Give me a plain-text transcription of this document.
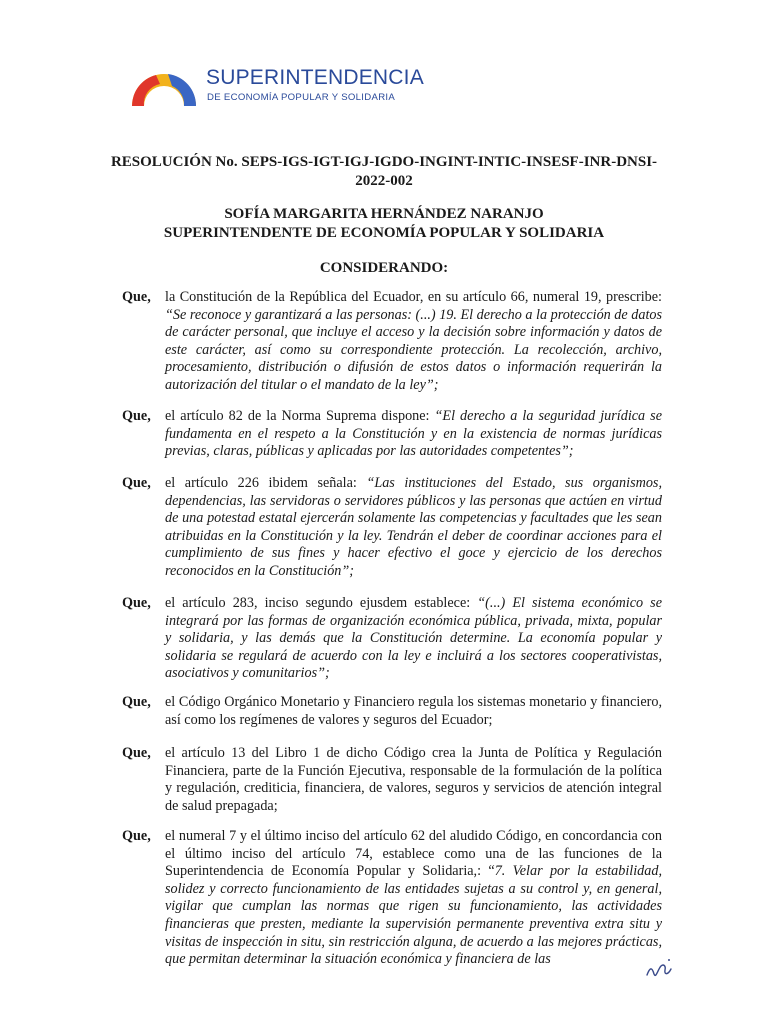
SUPERINTENDENCIA
DE ECONOMÍA POPULAR Y SOLIDARIA
RESOLUCIÓN No. SEPS-IGS-IGT-IGJ-IGDO-INGINT-INTIC-INSESF-INR-DNSI-
2022-002
SOFÍA MARGARITA HERNÁNDEZ NARANJO
SUPERINTENDENTE DE ECONOMÍA POPULAR Y SOLIDARIA
CONSIDERANDO:
Que, la Constitución de la República del Ecuador, en su artículo 66, numeral 19, prescribe: “Se reconoce y garantizará a las personas: (...) 19. El derecho a la protección de datos de carácter personal, que incluye el acceso y la decisión sobre información y datos de este carácter, así como su correspondiente protección. La recolección, archivo, procesamiento, distribución o difusión de estos datos o información requerirán la autorización del titular o el mandato de la ley”;
Que, el artículo 82 de la Norma Suprema dispone: “El derecho a la seguridad jurídica se fundamenta en el respeto a la Constitución y en la existencia de normas jurídicas previas, claras, públicas y aplicadas por las autoridades competentes”;
Que, el artículo 226 ibidem señala: “Las instituciones del Estado, sus organismos, dependencias, las servidoras o servidores públicos y las personas que actúen en virtud de una potestad estatal ejercerán solamente las competencias y facultades que les sean atribuidas en la Constitución y la ley. Tendrán el deber de coordinar acciones para el cumplimiento de sus fines y hacer efectivo el goce y ejercicio de los derechos reconocidos en la Constitución”;
Que, el artículo 283, inciso segundo ejusdem establece: “(...) El sistema económico se integrará por las formas de organización económica pública, privada, mixta, popular y solidaria, y las demás que la Constitución determine. La economía popular y solidaria se regulará de acuerdo con la ley e incluirá a los sectores cooperativistas, asociativos y comunitarios”;
Que, el Código Orgánico Monetario y Financiero regula los sistemas monetario y financiero, así como los regímenes de valores y seguros del Ecuador;
Que, el artículo 13 del Libro 1 de dicho Código crea la Junta de Política y Regulación Financiera, parte de la Función Ejecutiva, responsable de la formulación de la política y regulación, crediticia, financiera, de valores, seguros y servicios de atención integral de salud prepagada;
Que, el numeral 7 y el último inciso del artículo 62 del aludido Código, en concordancia con el último inciso del artículo 74, establece como una de las funciones de la Superintendencia de Economía Popular y Solidaria,: “7. Velar por la estabilidad, solidez y correcto funcionamiento de las entidades sujetas a su control y, en general, vigilar que cumplan las normas que rigen su funcionamiento, las actividades financieras que presten, mediante la supervisión permanente preventiva extra situ y visitas de inspección in situ, sin restricción alguna, de acuerdo a las mejores prácticas, que permitan determinar la situación económica y financiera de las
